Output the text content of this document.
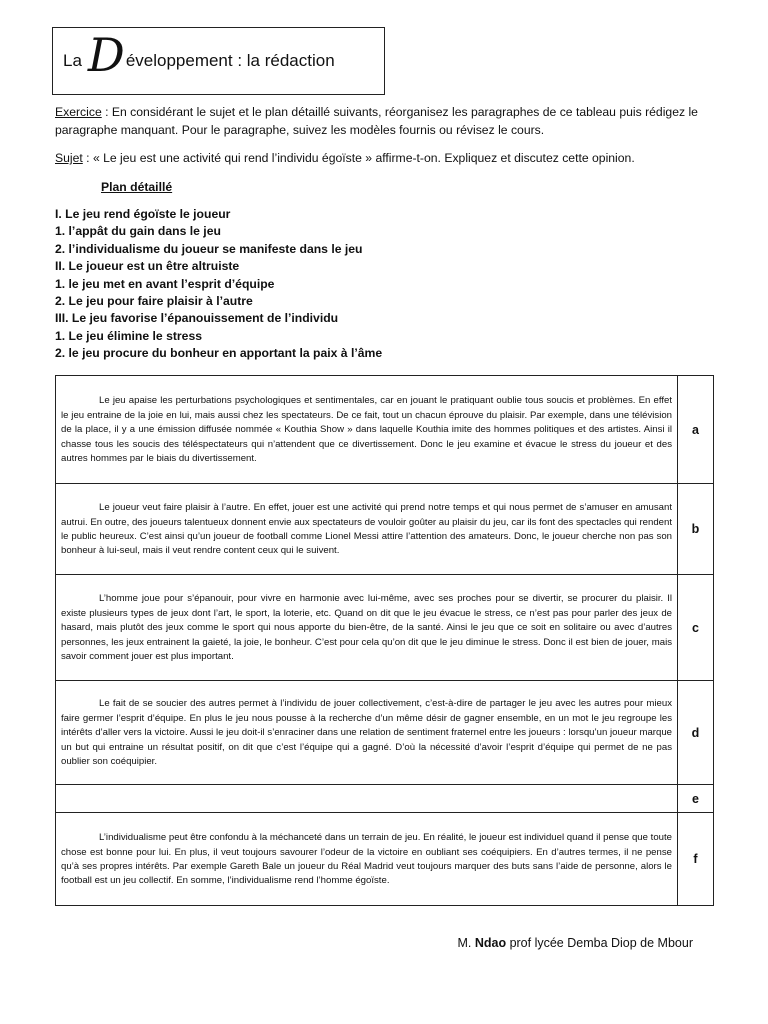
La D éveloppement : la rédaction
Exercice : En considérant le sujet et le plan détaillé suivants, réorganisez les paragraphes de ce tableau puis rédigez le paragraphe manquant. Pour le paragraphe, suivez les modèles fournis ou révisez le cours.
Sujet : « Le jeu est une activité qui rend l’individu égoïste » affirme-t-on. Expliquez et discutez cette opinion.
Plan détaillé
I. Le jeu rend égoïste le joueur
1. l’appât du gain dans le jeu
2. l’individualisme du joueur se manifeste dans le jeu
II. Le joueur est un être altruiste
1. le jeu met en avant l’esprit d’équipe
2. Le jeu pour faire plaisir à l’autre
III. Le jeu favorise l’épanouissement de l’individu
1. Le jeu élimine le stress
2. le jeu procure du bonheur en apportant la paix à l’âme
Le jeu apaise les perturbations psychologiques et sentimentales, car en jouant le pratiquant oublie tous soucis et problèmes. En effet le jeu entraine de la joie en lui, mais aussi chez les spectateurs. De ce fait, tout un chacun éprouve du plaisir. Par exemple, dans une télévision de la place, il y a une émission diffusée nommée « Kouthia Show » dans laquelle Kouthia imite des hommes politiques et des artistes. Ainsi il chasse tous les soucis des téléspectateurs qui n’attendent que ce divertissement. Donc le jeu examine et évacue le stress du joueur et des autres hommes par le biais du divertissement.	a
Le joueur veut faire plaisir à l’autre. En effet, jouer est une activité qui prend notre temps et qui nous permet de s’amuser en amusant autrui. En outre, des joueurs talentueux donnent envie aux spectateurs de vouloir goûter au plaisir du jeu, car ils font des spectacles qui rendent le public heureux. C’est ainsi qu’un joueur de football comme Lionel Messi attire l’attention des amateurs. Donc, le joueur cherche non pas son bonheur à lui-seul, mais il veut rendre content ceux qui le suivent.	b
L’homme joue pour s’épanouir, pour vivre en harmonie avec lui-même, avec ses proches pour se divertir, se procurer du plaisir. Il existe plusieurs types de jeux dont l’art, le sport, la loterie, etc. Quand on dit que le jeu évacue le stress, ce n’est pas pour parler des jeux de hasard, mais plutôt des jeux comme le sport qui nous apporte du bien-être, de la santé. Ainsi le jeu que ce soit en solitaire ou avec d’autres personnes, les jeux entrainent la gaieté, la joie, le bonheur. C’est pour cela qu’on dit que le jeu diminue le stress. Donc il est bien de jouer, mais savoir comment jouer est plus important.	c
Le fait de se soucier des autres permet à l’individu de jouer collectivement, c’est-à-dire de partager le jeu avec les autres pour mieux faire germer l’esprit d’équipe. En plus le jeu nous pousse à la recherche d’un même désir de gagner ensemble, en un mot le jeu regroupe les intérêts d’aller vers la victoire. Aussi le jeu doit-il s’enraciner dans une relation de sentiment fraternel entre les joueurs : lorsqu’un joueur marque un but qui entraine un résultat positif, on dit que c’est l’équipe qui a gagné. D’où la nécessité d’avoir l’esprit d’équipe qui permet de ne pas oublier son coéquipier.	d
	e
L’individualisme peut être confondu à la méchanceté dans un terrain de jeu. En réalité, le joueur est individuel quand il pense que toute chose est bonne pour lui. En plus, il veut toujours savourer l’odeur de la victoire en oubliant ses coéquipiers. En d’autres termes, il ne pense qu’à ses propres intérêts. Par exemple Gareth Bale un joueur du Réal Madrid veut toujours marquer des buts sans l’aide de personne, alors le football est un jeu collectif. En somme, l’individualisme rend l’homme égoïste.	f
M. Ndao prof lycée Demba Diop de Mbour
